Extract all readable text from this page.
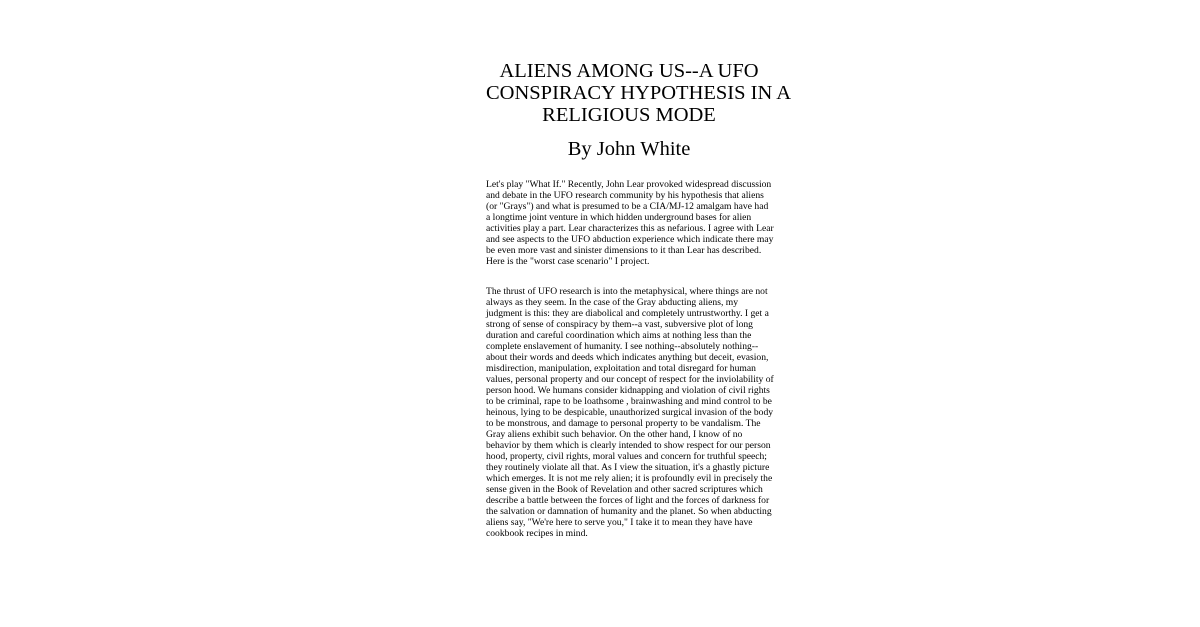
ALIENS AMONG US--A UFO
CONSPIRACY HYPOTHESIS IN A
RELIGIOUS MODE
By John White

Let's play "What If." Recently, John Lear provoked widespread discussion
and debate in the UFO research community by his hypothesis that aliens
(or "Grays") and what is presumed to be a CIA/MJ-12 amalgam have had
a longtime joint venture in which hidden underground bases for alien
activities play a part. Lear characterizes this as nefarious. I agree with Lear
and see aspects to the UFO abduction experience which indicate there may
be even more vast and sinister dimensions to it than Lear has described.
Here is the "worst case scenario" I project.

The thrust of UFO research is into the metaphysical, where things are not
always as they seem. In the case of the Gray abducting aliens, my
judgment is this: they are diabolical and completely untrustworthy. I get a
strong of sense of conspiracy by them--a vast, subversive plot of long
duration and careful coordination which aims at nothing less than the
complete enslavement of humanity. I see nothing--absolutely nothing--
about their words and deeds which indicates anything but deceit, evasion,
misdirection, manipulation, exploitation and total disregard for human
values, personal property and our concept of respect for the inviolability of
person hood. We humans consider kidnapping and violation of civil rights
to be criminal, rape to be loathsome , brainwashing and mind control to be
heinous, lying to be despicable, unauthorized surgical invasion of the body
to be monstrous, and damage to personal property to be vandalism. The
Gray aliens exhibit such behavior. On the other hand, I know of no
behavior by them which is clearly intended to show respect for our person
hood, property, civil rights, moral values and concern for truthful speech;
they routinely violate all that. As I view the situation, it's a ghastly picture
which emerges. It is not me rely alien; it is profoundly evil in precisely the
sense given in the Book of Revelation and other sacred scriptures which
describe a battle between the forces of light and the forces of darkness for
the salvation or damnation of humanity and the planet. So when abducting
aliens say, "We're here to serve you," I take it to mean they have have
cookbook recipes in mind.
